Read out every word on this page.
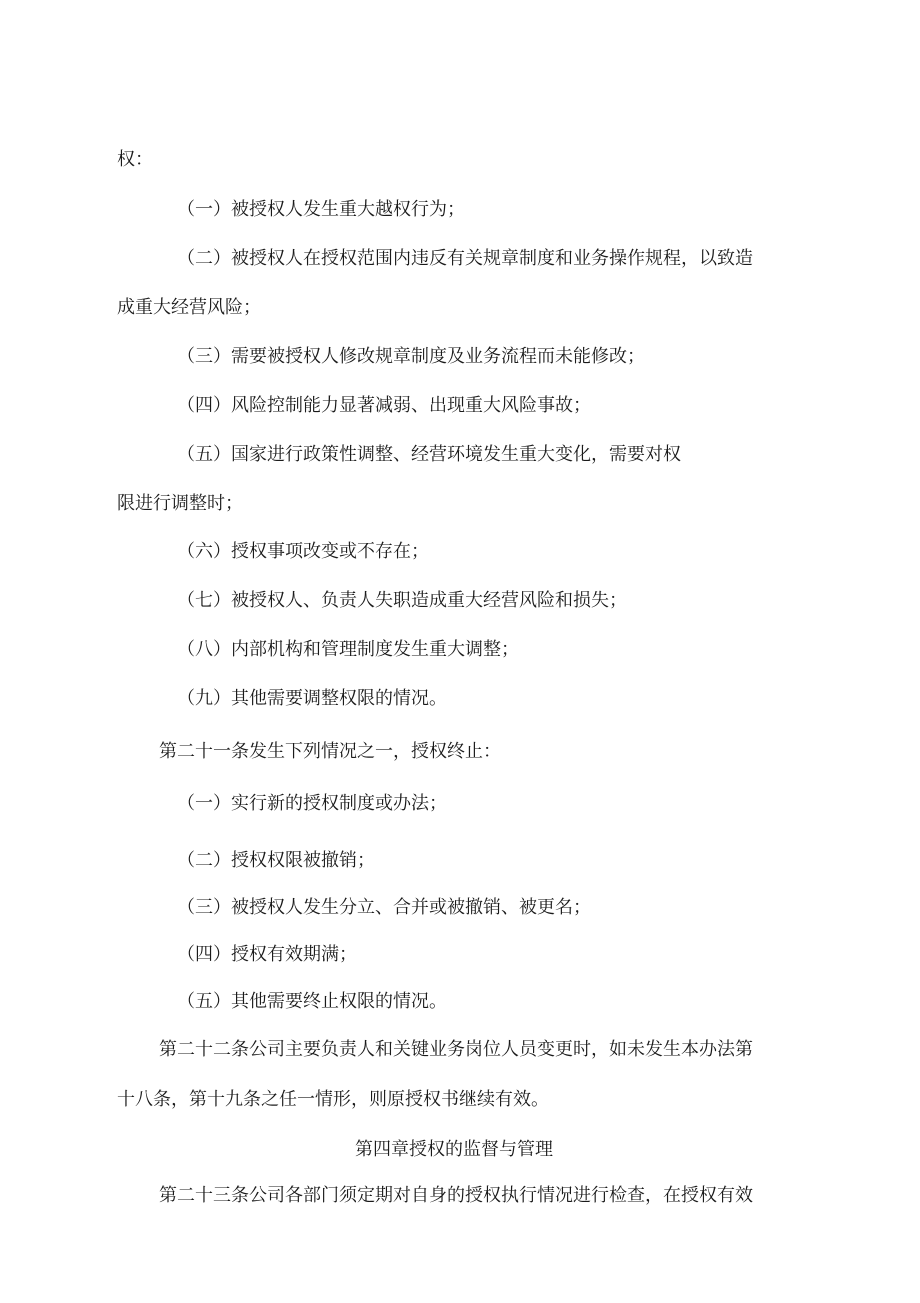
权：

（一）被授权人发生重大越权行为；

（二）被授权人在授权范围内违反有关规章制度和业务操作规程，以致造

成重大经营风险；

（三）需要被授权人修改规章制度及业务流程而未能修改；

（四）风险控制能力显著减弱、出现重大风险事故；

（五）国家进行政策性调整、经营环境发生重大变化，需要对权

限进行调整时；

（六）授权事项改变或不存在；

（七）被授权人、负责人失职造成重大经营风险和损失；

（八）内部机构和管理制度发生重大调整；

（九）其他需要调整权限的情况。

第二十一条发生下列情况之一，授权终止：

（一）实行新的授权制度或办法；

（二）授权权限被撤销；

（三）被授权人发生分立、合并或被撤销、被更名；

（四）授权有效期满；

（五）其他需要终止权限的情况。

第二十二条公司主要负责人和关键业务岗位人员变更时，如未发生本办法第

十八条，第十九条之任一情形，则原授权书继续有效。

第四章授权的监督与管理

第二十三条公司各部门须定期对自身的授权执行情况进行检查，在授权有效
